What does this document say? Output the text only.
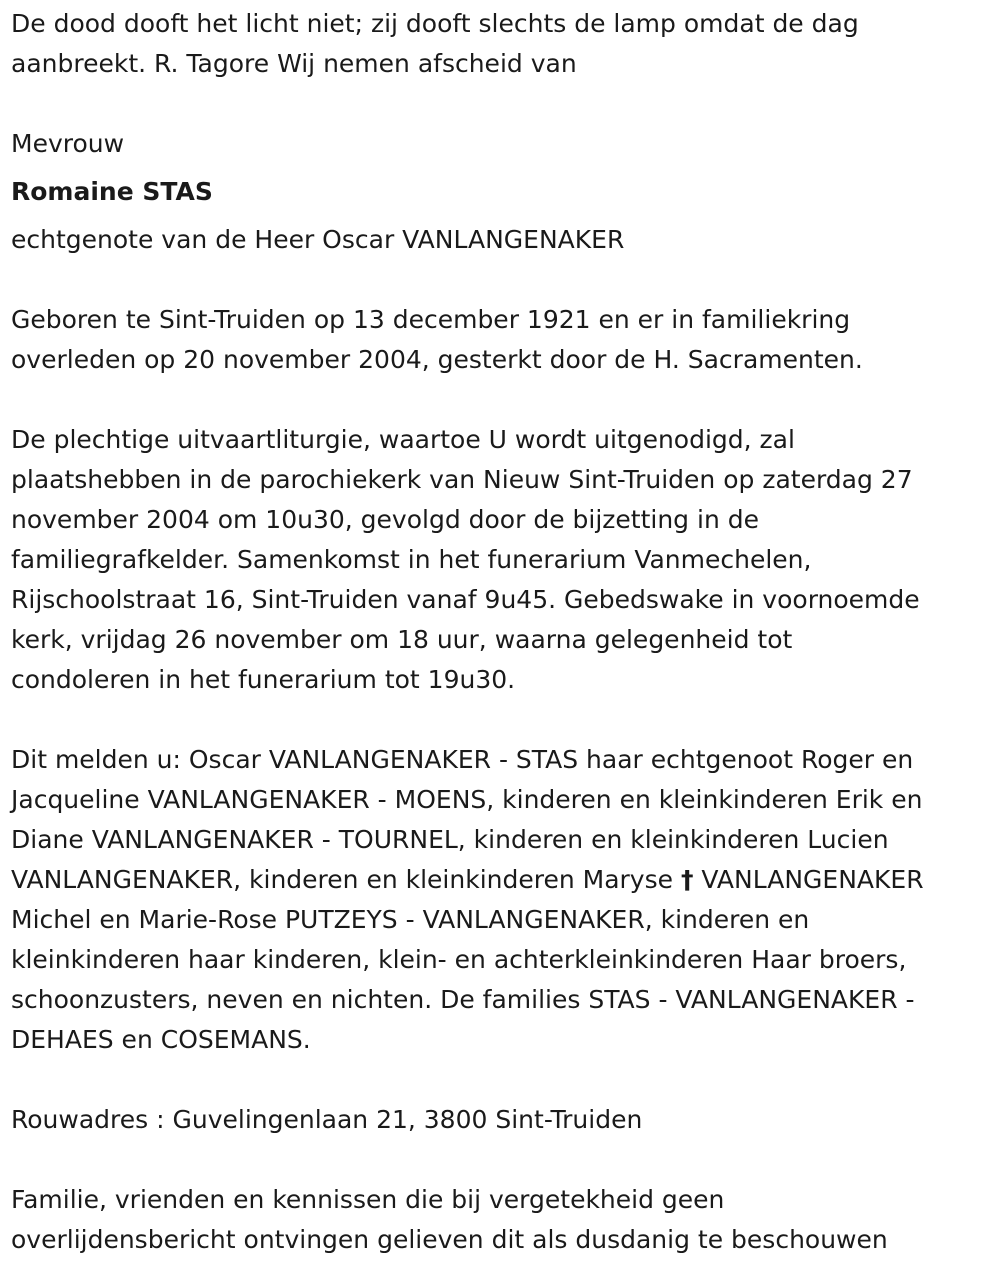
De dood dooft het licht niet; zij dooft slechts de lamp omdat de dag
aanbreekt. R. Tagore Wij nemen afscheid van
Mevrouw
Romaine STAS
echtgenote van de Heer Oscar VANLANGENAKER
Geboren te Sint-Truiden op 13 december 1921 en er in familiekring
overleden op 20 november 2004, gesterkt door de H. Sacramenten.
De plechtige uitvaartliturgie, waartoe U wordt uitgenodigd, zal
plaatshebben in de parochiekerk van Nieuw Sint-Truiden op zaterdag 27
november 2004 om 10u30, gevolgd door de bijzetting in de
familiegrafkelder. Samenkomst in het funerarium Vanmechelen,
Rijschoolstraat 16, Sint-Truiden vanaf 9u45. Gebedswake in voornoemde
kerk, vrijdag 26 november om 18 uur, waarna gelegenheid tot
condoleren in het funerarium tot 19u30.
Dit melden u: Oscar VANLANGENAKER - STAS haar echtgenoot Roger en
Jacqueline VANLANGENAKER - MOENS, kinderen en kleinkinderen Erik en
Diane VANLANGENAKER - TOURNEL, kinderen en kleinkinderen Lucien
VANLANGENAKER, kinderen en kleinkinderen Maryse † VANLANGENAKER
Michel en Marie-Rose PUTZEYS - VANLANGENAKER, kinderen en
kleinkinderen haar kinderen, klein- en achterkleinkinderen Haar broers,
schoonzusters, neven en nichten. De families STAS - VANLANGENAKER -
DEHAES en COSEMANS.
Rouwadres : Guvelingenlaan 21, 3800 Sint-Truiden
Familie, vrienden en kennissen die bij vergetekheid geen
overlijdensbericht ontvingen gelieven dit als dusdanig te beschouwen
